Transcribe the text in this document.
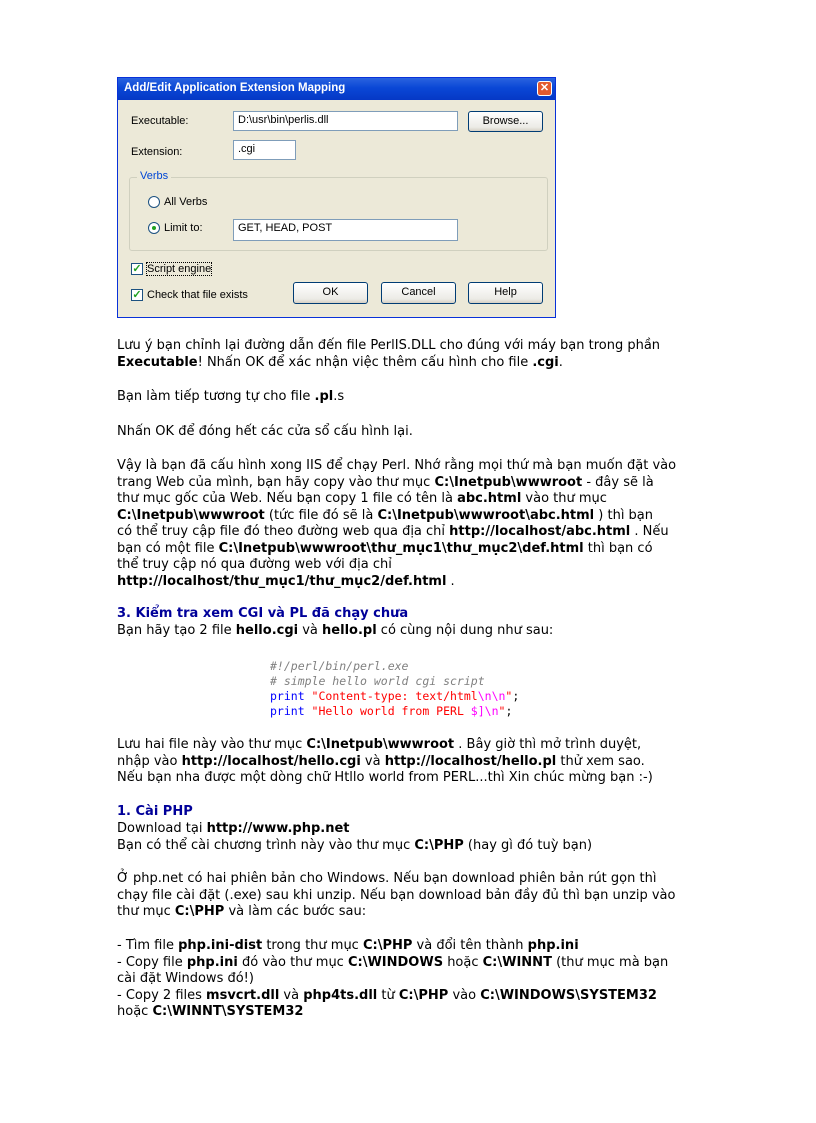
Add/Edit Application Extension Mapping	✕
Executable:	D:\usr\bin\perlis.dll	Browse...
Extension:	.cgi
Verbs
All Verbs
Limit to:	GET, HEAD, POST
✓ Script engine
✓ Check that file exists	OK	Cancel	Help
Lưu ý bạn chỉnh lại đường dẫn đến file PerlIS.DLL cho đúng với máy bạn trong phần
Executable! Nhấn OK để xác nhận việc thêm cấu hình cho file .cgi.
Bạn làm tiếp tương tự cho file .pl.s
Nhấn OK để đóng hết các cửa sổ cấu hình lại.
Vậy là bạn đã cấu hình xong IIS để chạy Perl. Nhớ rằng mọi thứ mà bạn muốn đặt vào
trang Web của mình, bạn hãy copy vào thư mục C:\Inetpub\wwwroot - đây sẽ là
thư mục gốc của Web. Nếu bạn copy 1 file có tên là abc.html vào thư mục
C:\Inetpub\wwwroot (tức file đó sẽ là C:\Inetpub\wwwroot\abc.html ) thì bạn
có thể truy cập file đó theo đường web qua địa chỉ http://localhost/abc.html . Nếu
bạn có một file C:\Inetpub\wwwroot\thư_mục1\thư_mục2\def.html thì bạn có
thể truy cập nó qua đường web với địa chỉ
http://localhost/thư_mục1/thư_mục2/def.html .
3. Kiểm tra xem CGI và PL đã chạy chưa
Bạn hãy tạo 2 file hello.cgi và hello.pl có cùng nội dung như sau:
#!/perl/bin/perl.exe
# simple hello world cgi script
print "Content-type: text/html\n\n";
print "Hello world from PERL $]\n";
Lưu hai file này vào thư mục C:\Inetpub\wwwroot . Bây giờ thì mở trình duyệt,
nhập vào http://localhost/hello.cgi và http://localhost/hello.pl thử xem sao.
Nếu bạn nha được một dòng chữ Htllo world from PERL...thì Xin chúc mừng bạn :-)
1. Cài PHP
Download tại http://www.php.net
Bạn có thể cài chương trình này vào thư mục C:\PHP (hay gì đó tuỳ bạn)
Ở php.net có hai phiên bản cho Windows. Nếu bạn download phiên bản rút gọn thì
chạy file cài đặt (.exe) sau khi unzip. Nếu bạn download bản đầy đủ thì bạn unzip vào
thư mục C:\PHP và làm các bước sau:
- Tìm file php.ini-dist trong thư mục C:\PHP và đổi tên thành php.ini
- Copy file php.ini đó vào thư mục C:\WINDOWS hoặc C:\WINNT (thư mục mà bạn
cài đặt Windows đó!)
- Copy 2 files msvcrt.dll và php4ts.dll từ C:\PHP vào C:\WINDOWS\SYSTEM32
hoặc C:\WINNT\SYSTEM32
